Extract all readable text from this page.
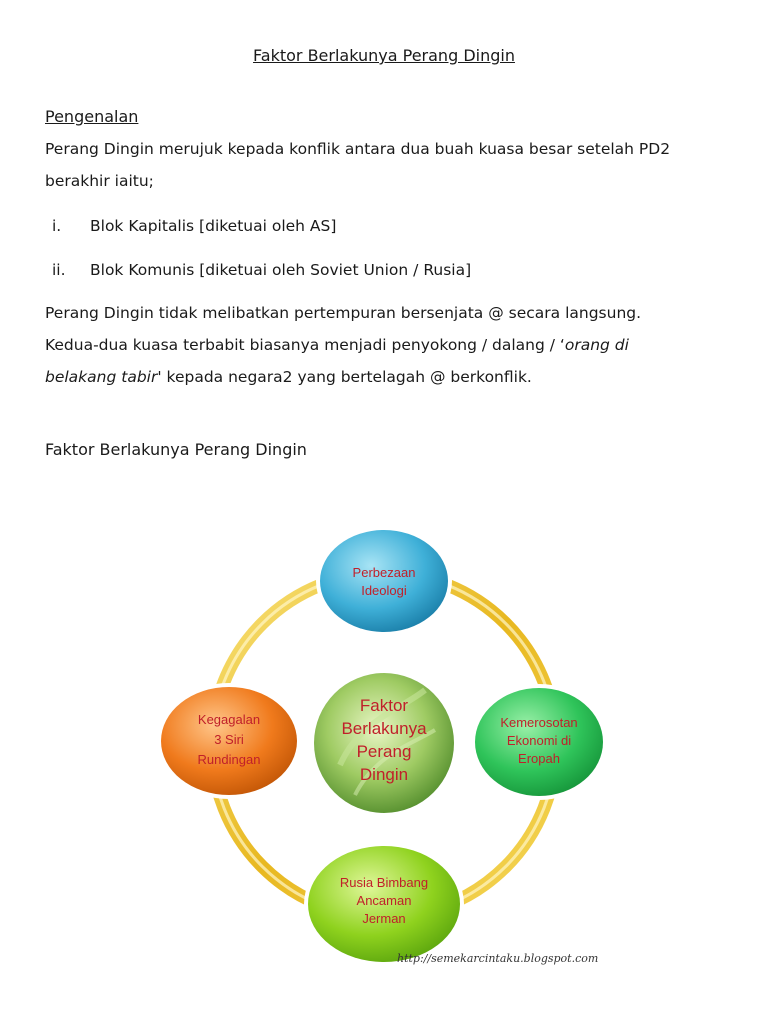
Faktor Berlakunya Perang Dingin
Pengenalan
Perang Dingin merujuk kepada konflik antara dua buah kuasa besar setelah PD2
berakhir iaitu;
i. Blok Kapitalis [diketuai oleh AS]
ii. Blok Komunis [diketuai oleh Soviet Union / Rusia]
Perang Dingin tidak melibatkan pertempuran bersenjata @ secara langsung.
Kedua-dua kuasa terbabit biasanya menjadi penyokong / dalang / ‘orang di
belakang tabir' kepada negara2 yang bertelagah @ berkonflik.
Faktor Berlakunya Perang Dingin
Faktor
Berlakunya
Perang
Dingin
Perbezaan
Ideologi
Kemerosotan
Ekonomi di
Eropah
Rusia Bimbang
Ancaman
Jerman
Kegagalan
3 Siri
Rundingan
http://semekarcintaku.blogspot.com
